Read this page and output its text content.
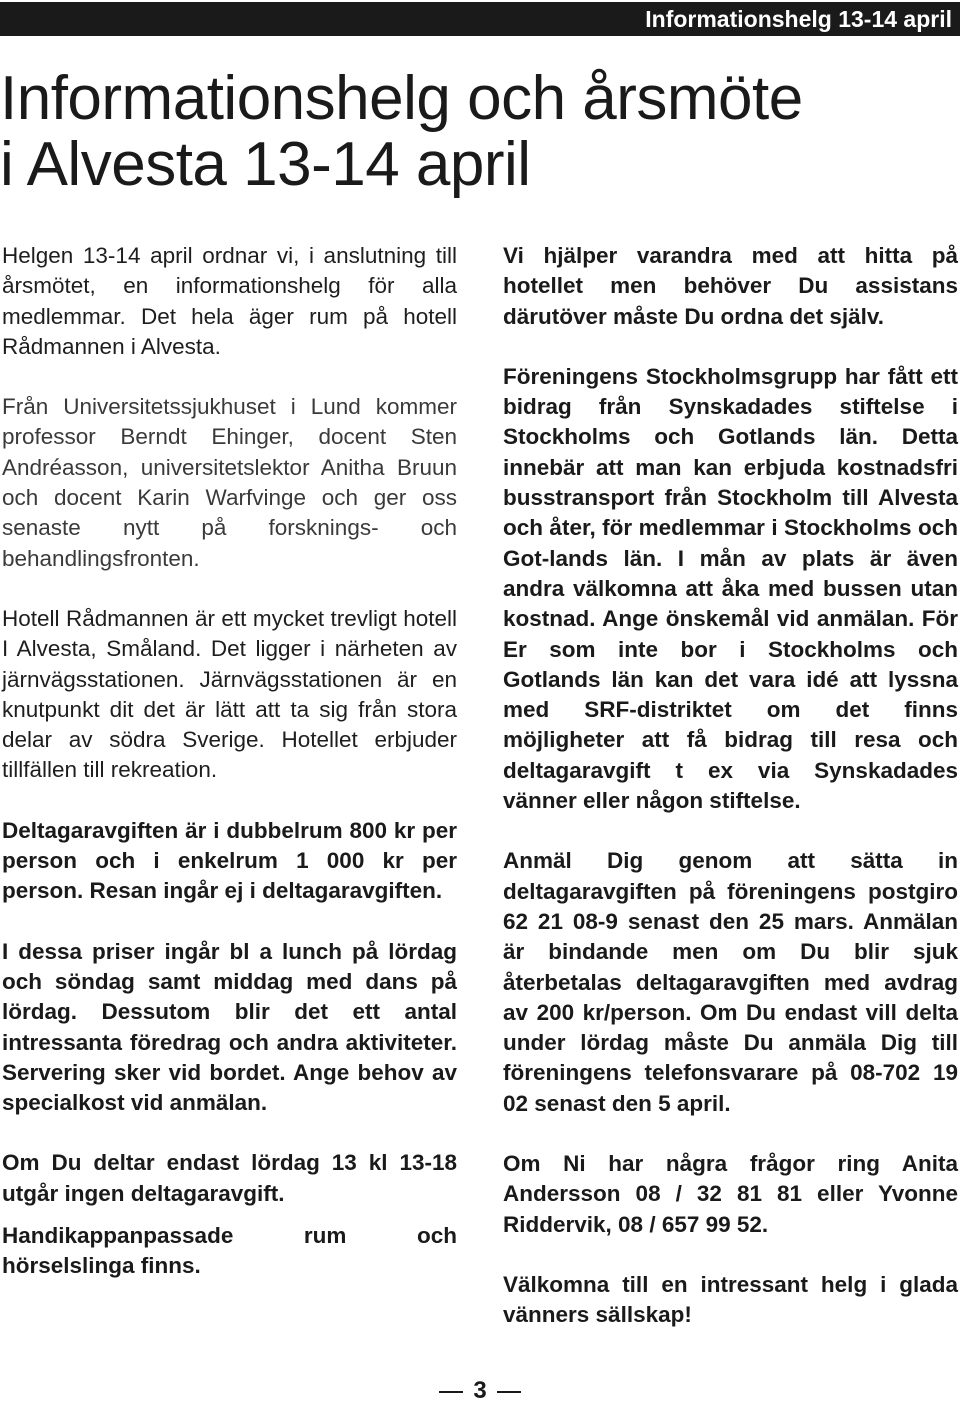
Informationshelg 13-14 april
Informationshelg och årsmöte
i Alvesta 13-14 april

Helgen 13-14 april ordnar vi, i anslutning till årsmötet, en informationshelg för alla medlemmar. Det hela äger rum på hotell Rådmannen i Alvesta.

Från Universitetssjukhuset i Lund kommer professor Berndt Ehinger, docent Sten Andréasson, universitetslektor Anitha Bruun och docent Karin Warfvinge och ger oss senaste nytt på forsknings- och behandlingsfronten.

Hotell Rådmannen är ett mycket trevligt hotell I Alvesta, Småland. Det ligger i närheten av järnvägsstationen. Järnvägsstationen är en knutpunkt dit det är lätt att ta sig från stora delar av södra Sverige. Hotellet erbjuder tillfällen till rekreation.

Deltagaravgiften är i dubbelrum 800 kr per person och i enkelrum 1 000 kr per person. Resan ingår ej i deltagaravgiften.

I dessa priser ingår bl a lunch på lördag och söndag samt middag med dans på lördag. Dessutom blir det ett antal intressanta föredrag och andra aktiviteter. Servering sker vid bordet. Ange behov av specialkost vid anmälan.

Om Du deltar endast lördag 13 kl 13-18 utgår ingen deltagaravgift.

Handikappanpassade rum och hörselslinga finns.

Vi hjälper varandra med att hitta på hotellet men behöver Du assistans därutöver måste Du ordna det själv.

Föreningens Stockholmsgrupp har fått ett bidrag från Synskadades stiftelse i Stockholms och Gotlands län. Detta innebär att man kan erbjuda kostnadsfri busstransport från Stockholm till Alvesta och åter, för medlemmar i Stockholms och Got-lands län. I mån av plats är även andra välkomna att åka med bussen utan kostnad. Ange önskemål vid anmälan. För Er som inte bor i Stockholms och Gotlands län kan det vara idé att lyssna med SRF-distriktet om det finns möjligheter att få bidrag till resa och deltagaravgift t ex via Synskadades vänner eller någon stiftelse.

Anmäl Dig genom att sätta in deltagaravgiften på föreningens postgiro 62 21 08-9 senast den 25 mars. Anmälan är bindande men om Du blir sjuk återbetalas deltagaravgiften med avdrag av 200 kr/person. Om Du endast vill delta under lördag måste Du anmäla Dig till föreningens telefonsvarare på 08-702 19 02 senast den 5 april.

Om Ni har några frågor ring Anita Andersson 08 / 32 81 81 eller Yvonne Riddervik, 08 / 657 99 52.

Välkomna till en intressant helg i glada vänners sällskap!

3
